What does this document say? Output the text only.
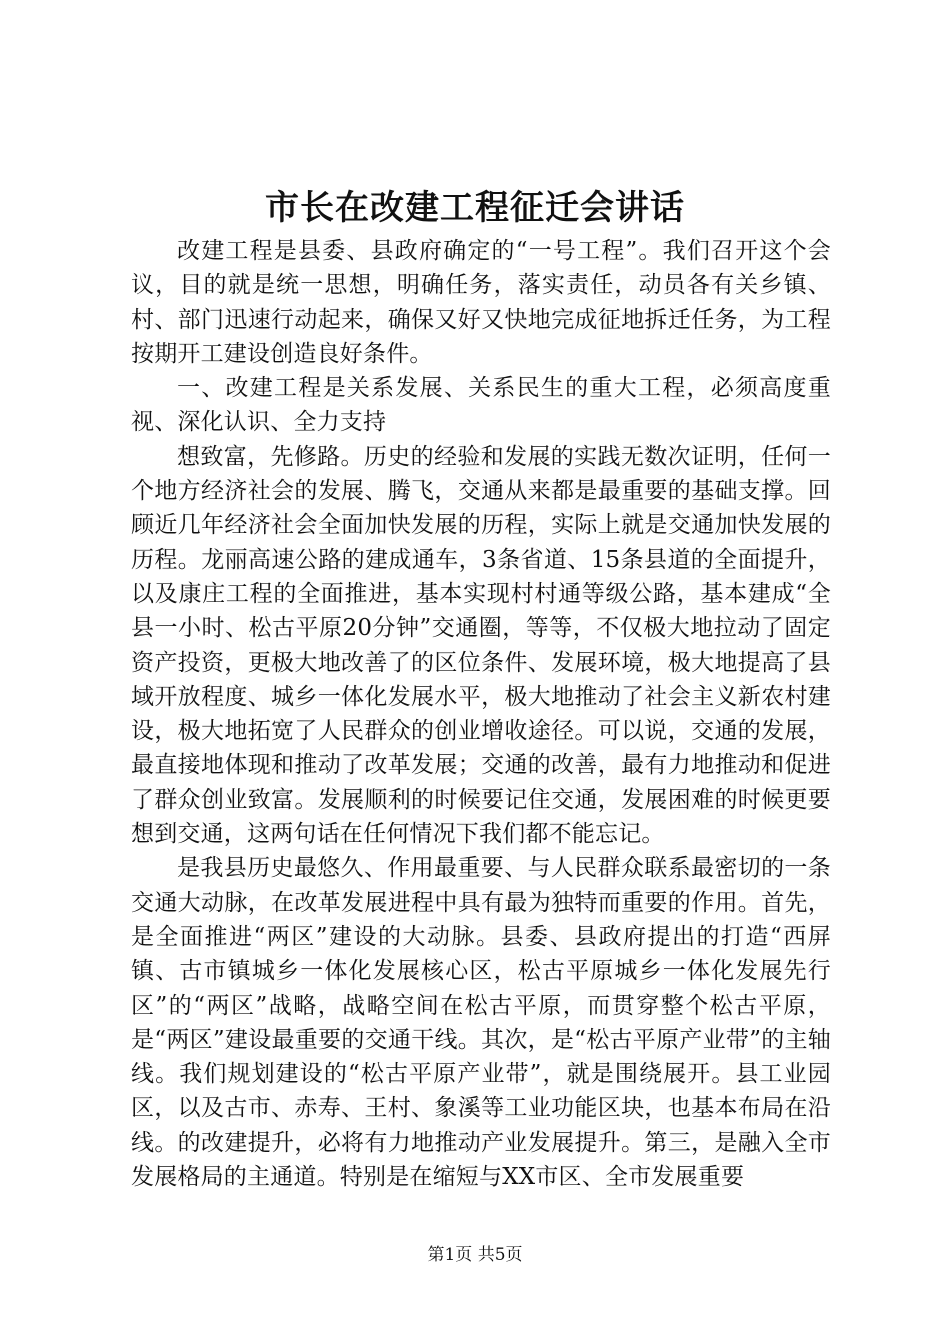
市长在改建工程征迁会讲话

改建工程是县委、县政府确定的“一号工程”。我们召开这个会议，目的就是统一思想，明确任务，落实责任，动员各有关乡镇、村、部门迅速行动起来，确保又好又快地完成征地拆迁任务，为工程按期开工建设创造良好条件。

一、改建工程是关系发展、关系民生的重大工程，必须高度重视、深化认识、全力支持

想致富，先修路。历史的经验和发展的实践无数次证明，任何一个地方经济社会的发展、腾飞，交通从来都是最重要的基础支撑。回顾近几年经济社会全面加快发展的历程，实际上就是交通加快发展的历程。龙丽高速公路的建成通车，3条省道、15条县道的全面提升，以及康庄工程的全面推进，基本实现村村通等级公路，基本建成“全县一小时、松古平原20分钟”交通圈，等等，不仅极大地拉动了固定资产投资，更极大地改善了的区位条件、发展环境，极大地提高了县域开放程度、城乡一体化发展水平，极大地推动了社会主义新农村建设，极大地拓宽了人民群众的创业增收途径。可以说，交通的发展，最直接地体现和推动了改革发展；交通的改善，最有力地推动和促进了群众创业致富。发展顺利的时候要记住交通，发展困难的时候更要想到交通，这两句话在任何情况下我们都不能忘记。

是我县历史最悠久、作用最重要、与人民群众联系最密切的一条交通大动脉，在改革发展进程中具有最为独特而重要的作用。首先，是全面推进“两区”建设的大动脉。县委、县政府提出的打造“西屏镇、古市镇城乡一体化发展核心区，松古平原城乡一体化发展先行区”的“两区”战略，战略空间在松古平原，而贯穿整个松古平原，是“两区”建设最重要的交通干线。其次，是“松古平原产业带”的主轴线。我们规划建设的“松古平原产业带”，就是围绕展开。县工业园区，以及古市、赤寿、王村、象溪等工业功能区块，也基本布局在沿线。的改建提升，必将有力地推动产业发展提升。第三，是融入全市发展格局的主通道。特别是在缩短与XX市区、全市发展重要

第1页 共5页
